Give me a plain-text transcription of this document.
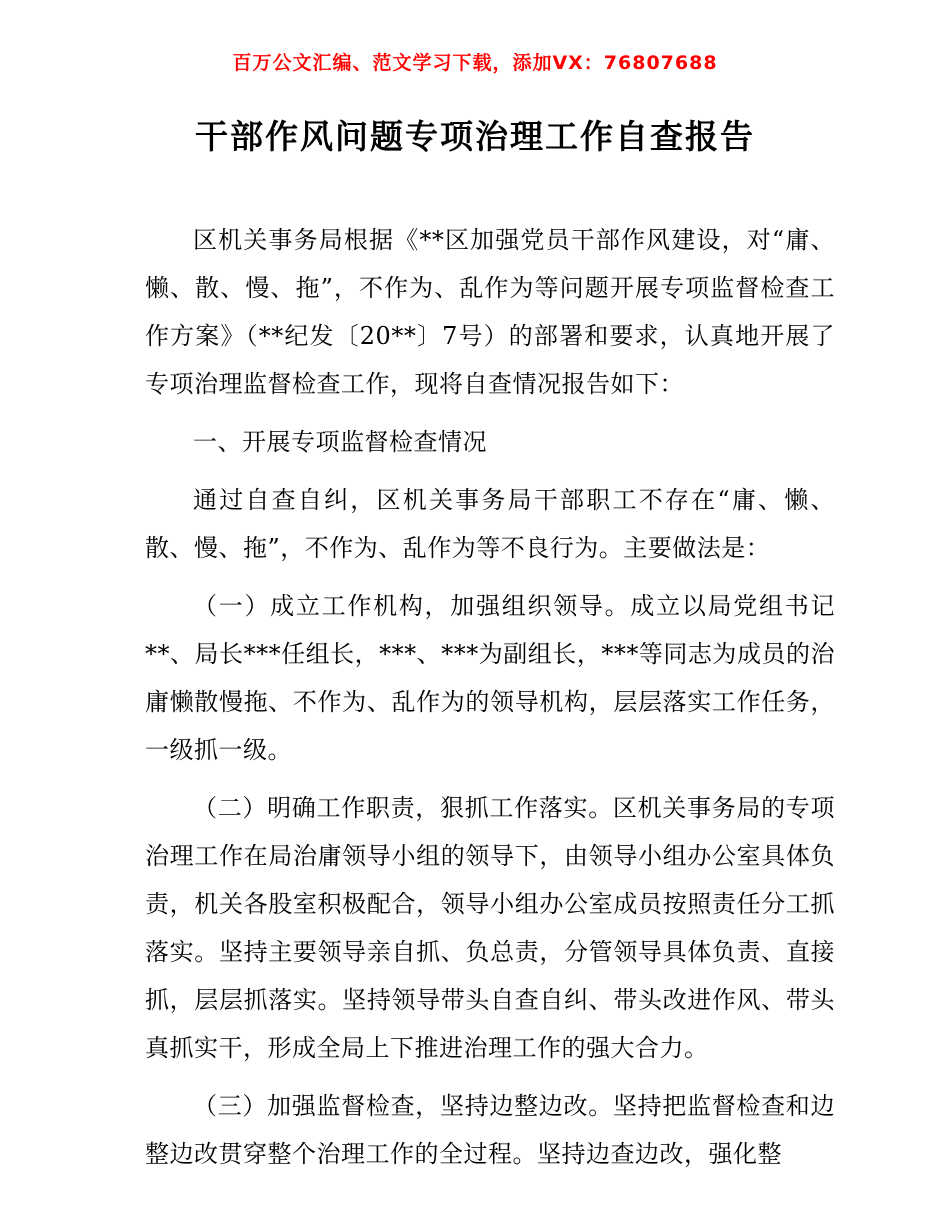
百万公文汇编、范文学习下载，添加VX：76807688
干部作风问题专项治理工作自查报告

区机关事务局根据《**区加强党员干部作风建设，对“庸、懒、散、慢、拖”，不作为、乱作为等问题开展专项监督检查工作方案》（**纪发〔20**〕7号）的部署和要求，认真地开展了专项治理监督检查工作，现将自查情况报告如下：

一、开展专项监督检查情况

通过自查自纠，区机关事务局干部职工不存在“庸、懒、散、慢、拖”，不作为、乱作为等不良行为。主要做法是：

（一）成立工作机构，加强组织领导。成立以局党组书记**、局长***任组长，***、***为副组长，***等同志为成员的治庸懒散慢拖、不作为、乱作为的领导机构，层层落实工作任务，一级抓一级。

（二）明确工作职责，狠抓工作落实。区机关事务局的专项治理工作在局治庸领导小组的领导下，由领导小组办公室具体负责，机关各股室积极配合，领导小组办公室成员按照责任分工抓落实。坚持主要领导亲自抓、负总责，分管领导具体负责、直接抓，层层抓落实。坚持领导带头自查自纠、带头改进作风、带头真抓实干，形成全局上下推进治理工作的强大合力。

（三）加强监督检查，坚持边整边改。坚持把监督检查和边整边改贯穿整个治理工作的全过程。坚持边查边改，强化整
